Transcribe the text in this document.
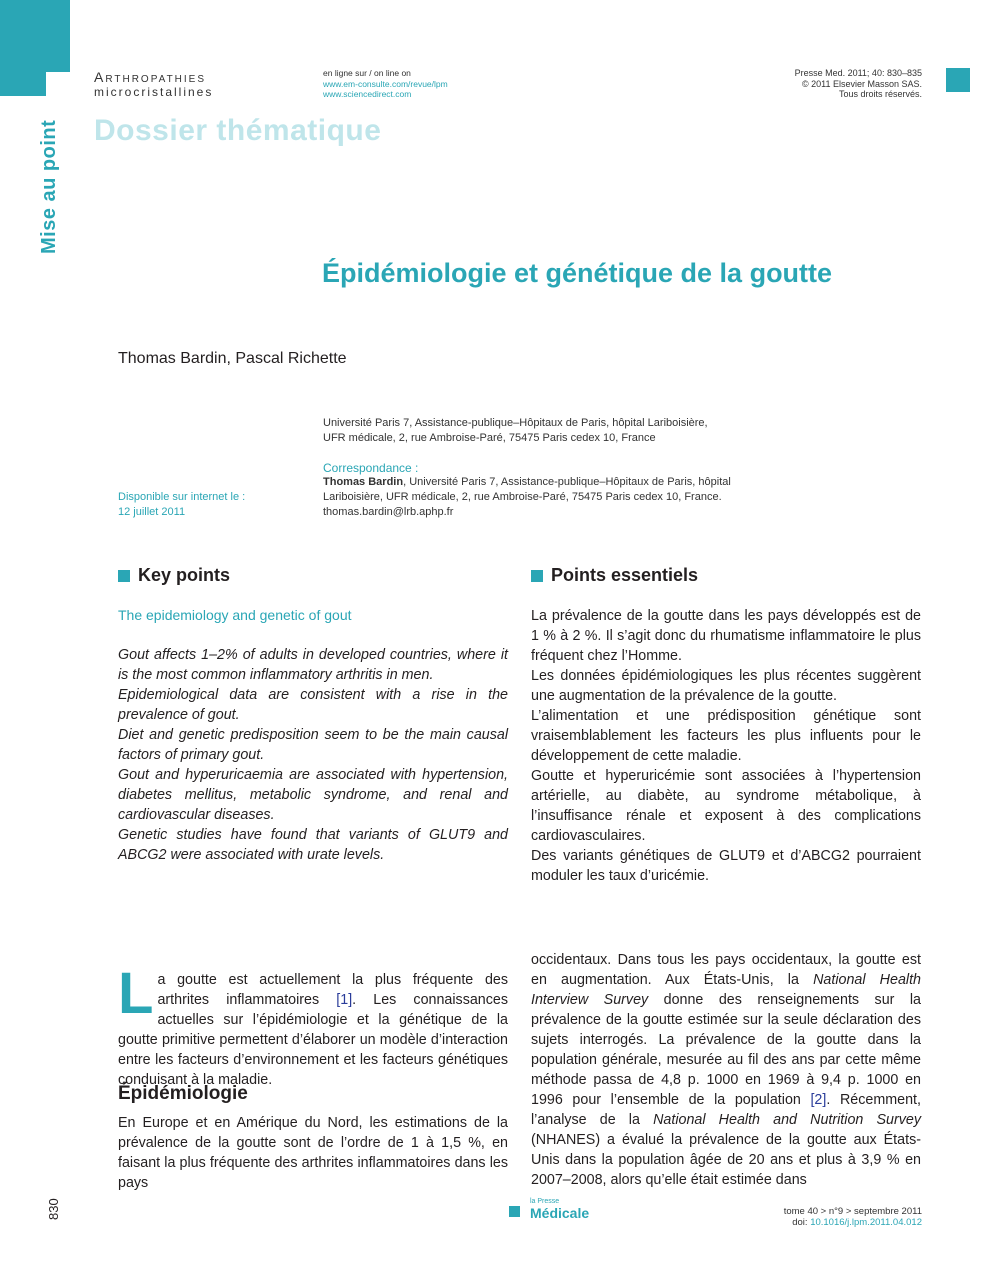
Mise au point
Arthropathies
microcristallines
Dossier thématique
en ligne sur / on line on
www.em-consulte.com/revue/lpm
www.sciencedirect.com
Presse Med. 2011; 40: 830–835
© 2011 Elsevier Masson SAS.
Tous droits réservés.
Épidémiologie et génétique de la goutte
Thomas Bardin, Pascal Richette
Université Paris 7, Assistance-publique–Hôpitaux de Paris, hôpital Lariboisière, UFR médicale, 2, rue Ambroise-Paré, 75475 Paris cedex 10, France
Correspondance :
Thomas Bardin, Université Paris 7, Assistance-publique–Hôpitaux de Paris, hôpital Lariboisière, UFR médicale, 2, rue Ambroise-Paré, 75475 Paris cedex 10, France.
thomas.bardin@lrb.aphp.fr
Disponible sur internet le :
12 juillet 2011
Key points
The epidemiology and genetic of gout

Gout affects 1–2% of adults in developed countries, where it is the most common inflammatory arthritis in men.

Epidemiological data are consistent with a rise in the prevalence of gout.

Diet and genetic predisposition seem to be the main causal factors of primary gout.

Gout and hyperuricaemia are associated with hypertension, diabetes mellitus, metabolic syndrome, and renal and cardiovascular diseases.

Genetic studies have found that variants of GLUT9 and ABCG2 were associated with urate levels.

Points essentiels

La prévalence de la goutte dans les pays développés est de 1 % à 2 %. Il s’agit donc du rhumatisme inflammatoire le plus fréquent chez l’Homme.

Les données épidémiologiques les plus récentes suggèrent une augmentation de la prévalence de la goutte.

L’alimentation et une prédisposition génétique sont vraisemblablement les facteurs les plus influents pour le développement de cette maladie.

Goutte et hyperuricémie sont associées à l’hypertension artérielle, au diabète, au syndrome métabolique, à l’insuffisance rénale et exposent à des complications cardiovasculaires.

Des variants génétiques de GLUT9 et d’ABCG2 pourraient moduler les taux d’uricémie.

La goutte est actuellement la plus fréquente des arthrites inflammatoires [1]. Les connaissances actuelles sur l’épidémiologie et la génétique de la goutte primitive permettent d’élaborer un modèle d’interaction entre les facteurs d’environnement et les facteurs génétiques conduisant à la maladie.
Épidémiologie
En Europe et en Amérique du Nord, les estimations de la prévalence de la goutte sont de l’ordre de 1 à 1,5 %, en faisant la plus fréquente des arthrites inflammatoires dans les pays
occidentaux. Dans tous les pays occidentaux, la goutte est en augmentation. Aux États-Unis, la National Health Interview Survey donne des renseignements sur la prévalence de la goutte estimée sur la seule déclaration des sujets interrogés. La prévalence de la goutte dans la population générale, mesurée au fil des ans par cette même méthode passa de 4,8 p. 1000 en 1969 à 9,4 p. 1000 en 1996 pour l’ensemble de la population [2]. Récemment, l’analyse de la National Health and Nutrition Survey (NHANES) a évalué la prévalence de la goutte aux États-Unis dans la population âgée de 20 ans et plus à 3,9 % en 2007–2008, alors qu’elle était estimée dans
830	la Presse
Médicale	tome 40 > n°9 > septembre 2011
doi: 10.1016/j.lpm.2011.04.012
